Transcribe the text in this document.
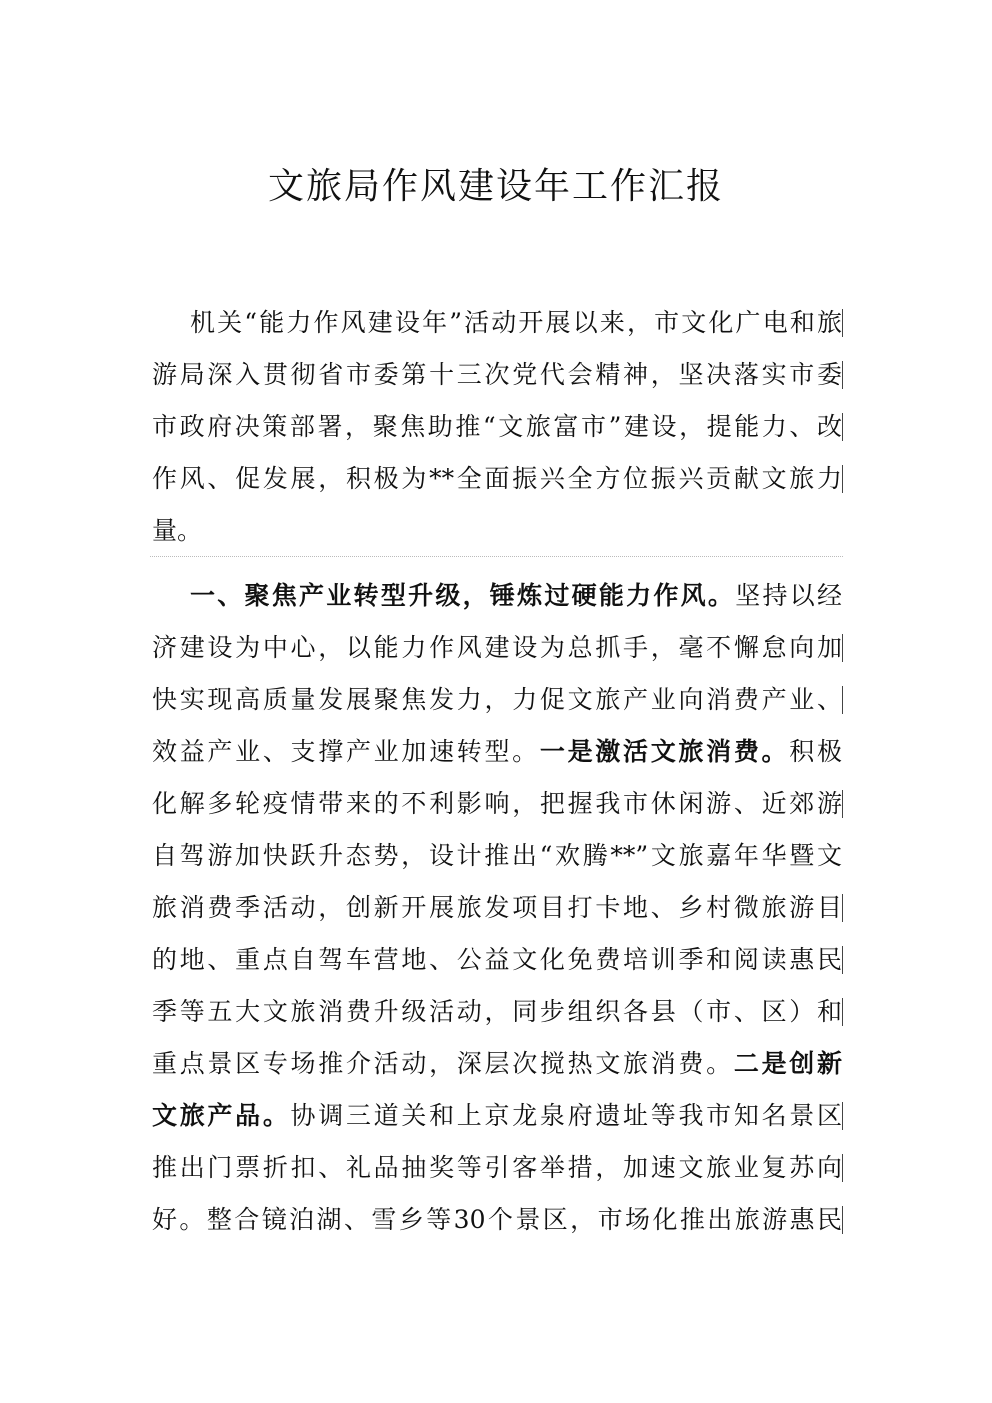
文旅局作风建设年工作汇报
机关“能力作风建设年”活动开展以来，市文化广电和旅
游局深入贯彻省市委第十三次党代会精神，坚决落实市委
市政府决策部署，聚焦助推“文旅富市”建设，提能力、改
作风、促发展，积极为**全面振兴全方位振兴贡献文旅力
量。
一、聚焦产业转型升级，锤炼过硬能力作风。坚持以经
济建设为中心，以能力作风建设为总抓手，毫不懈怠向加
快实现高质量发展聚焦发力，力促文旅产业向消费产业、
效益产业、支撑产业加速转型。一是激活文旅消费。积极
化解多轮疫情带来的不利影响，把握我市休闲游、近郊游
自驾游加快跃升态势，设计推出“欢腾**”文旅嘉年华暨文
旅消费季活动，创新开展旅发项目打卡地、乡村微旅游目
的地、重点自驾车营地、公益文化免费培训季和阅读惠民
季等五大文旅消费升级活动，同步组织各县（市、区）和
重点景区专场推介活动，深层次搅热文旅消费。二是创新
文旅产品。协调三道关和上京龙泉府遗址等我市知名景区
推出门票折扣、礼品抽奖等引客举措，加速文旅业复苏向
好。整合镜泊湖、雪乡等30个景区，市场化推出旅游惠民
